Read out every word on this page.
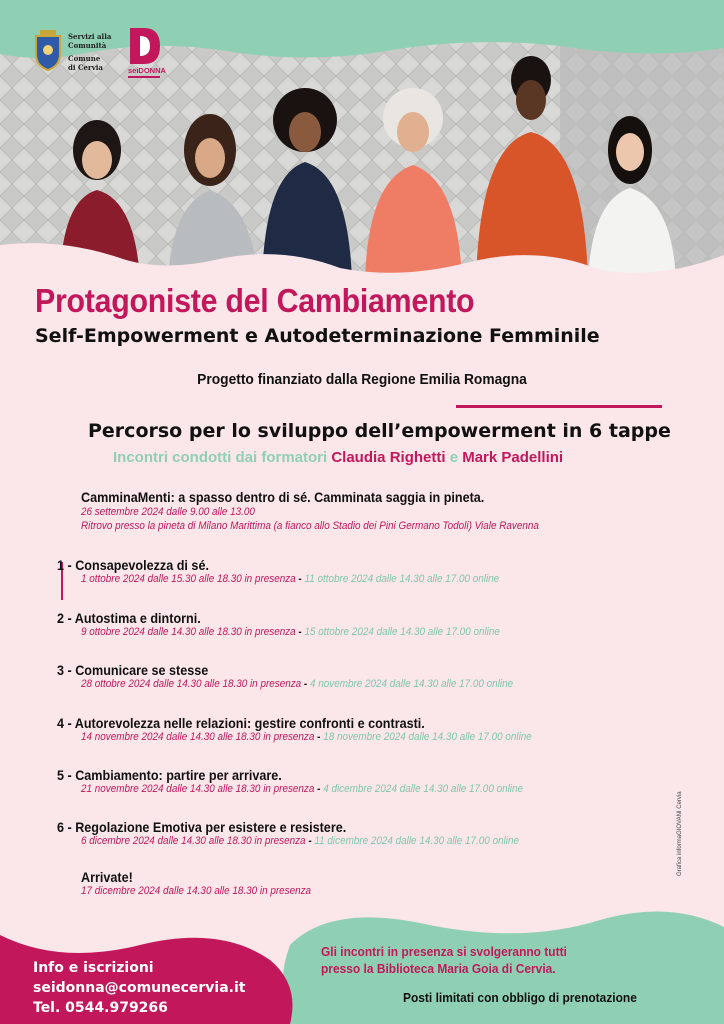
Servizi alla
Comunità
Comune
di Cervia	seiDONNA
Protagoniste del Cambiamento
Self-Empowerment e Autodeterminazione Femminile
Progetto finanziato dalla Regione Emilia Romagna
Percorso per lo sviluppo dell’empowerment in 6 tappe
Incontri condotti dai formatori Claudia Righetti e Mark Padellini
CamminaMenti: a spasso dentro di sé. Camminata saggia in pineta.
26 settembre 2024 dalle 9.00 alle 13.00
Ritrovo presso la pineta di Milano Marittima (a fianco allo Stadio dei Pini Germano Todoli) Viale Ravenna
1 - Consapevolezza di sé.
1 ottobre 2024 dalle 15.30 alle 18.30 in presenza - 11 ottobre 2024 dalle 14.30 alle 17.00 online
2 - Autostima e dintorni.
9 ottobre 2024 dalle 14.30 alle 18.30 in presenza - 15 ottobre 2024 dalle 14.30 alle 17.00 online
3 - Comunicare se stesse
28 ottobre 2024 dalle 14.30 alle 18.30 in presenza - 4 novembre 2024 dalle 14.30 alle 17.00 online
4 - Autorevolezza nelle relazioni: gestire confronti e contrasti.
14 novembre 2024 dalle 14.30 alle 18.30 in presenza - 18 novembre 2024 dalle 14.30 alle 17.00 online
5 - Cambiamento: partire per arrivare.
21 novembre 2024 dalle 14.30 alle 18.30 in presenza - 4 dicembre 2024 dalle 14.30 alle 17.00 online
6 - Regolazione Emotiva per esistere e resistere.
6 dicembre 2024 dalle 14.30 alle 18.30 in presenza - 11 dicembre 2024 dalle 14.30 alle 17.00 online
Arrivate!
17 dicembre 2024 dalle 14.30 alle 18.30 in presenza
Grafica informaGIOVANI Cervia
Info e iscrizioni
seidonna@comunecervia.it
Tel. 0544.979266
Gli incontri in presenza si svolgeranno tutti
presso la Biblioteca Maria Goia di Cervia.
Posti limitati con obbligo di prenotazione
